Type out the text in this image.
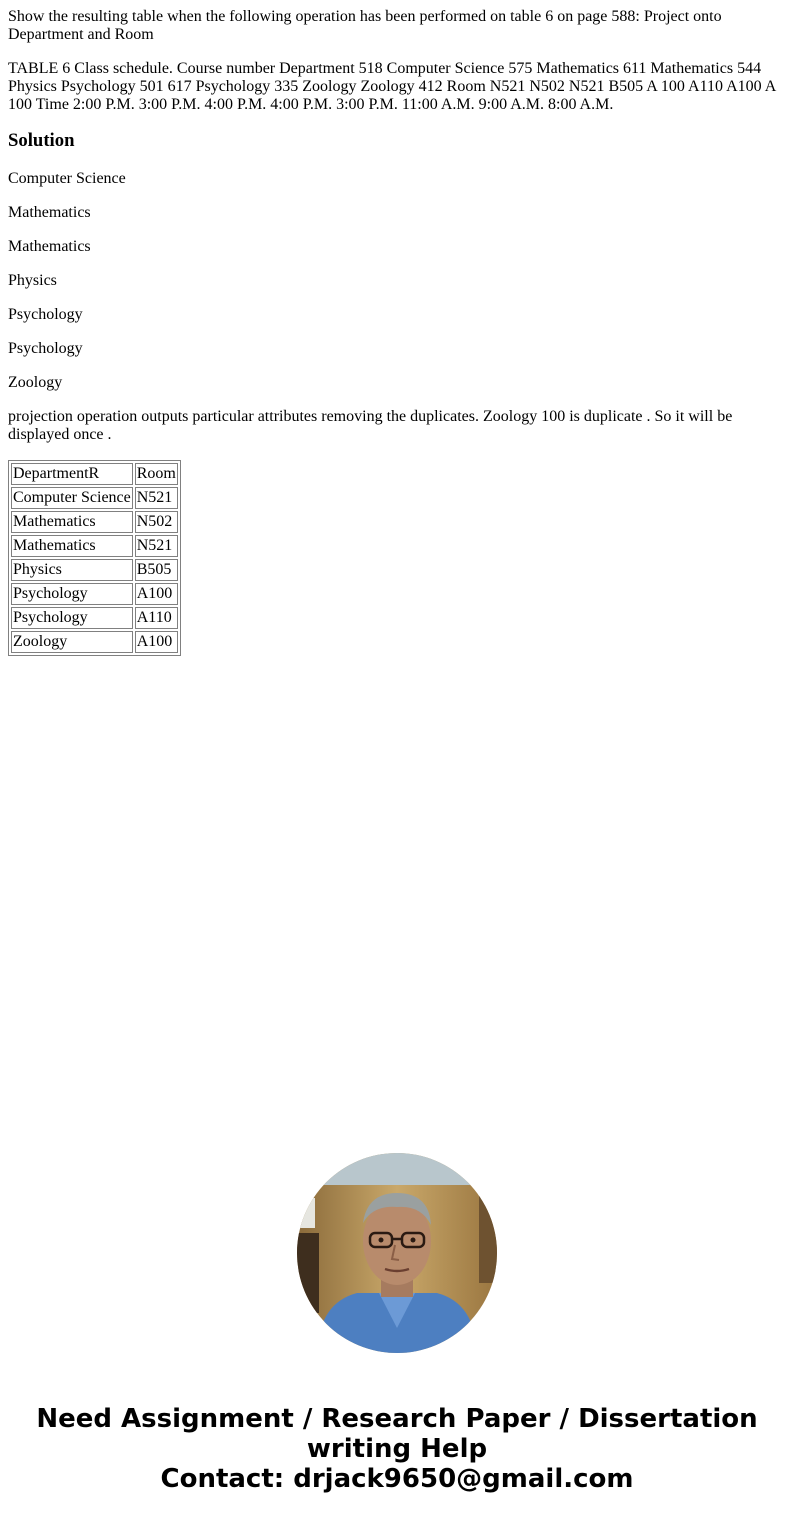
Show the resulting table when the following operation has been performed on table 6 on page 588: Project onto Department and Room

TABLE 6 Class schedule. Course number Department 518 Computer Science 575 Mathematics 611 Mathematics 544 Physics Psychology 501 617 Psychology 335 Zoology Zoology 412 Room N521 N502 N521 B505 A 100 A110 A100 A 100 Time 2:00 P.M. 3:00 P.M. 4:00 P.M. 4:00 P.M. 3:00 P.M. 11:00 A.M. 9:00 A.M. 8:00 A.M.

Solution

Computer Science

Mathematics

Mathematics

Physics

Psychology

Psychology

Zoology

projection operation outputs particular attributes removing the duplicates. Zoology 100 is duplicate . So it will be displayed once .

DepartmentR	Room
Computer Science	N521
Mathematics	N502
Mathematics	N521
Physics	B505
Psychology	A100
Psychology	A110
Zoology	A100
Need Assignment / Research Paper / Dissertation
writing Help
Contact: drjack9650@gmail.com
